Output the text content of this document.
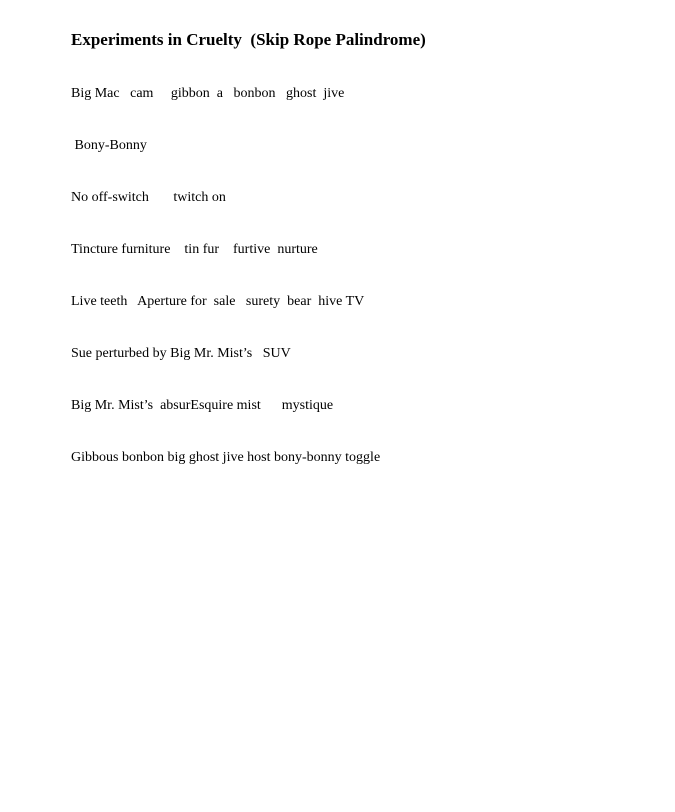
Experiments in Cruelty  (Skip Rope Palindrome)

Big Mac   cam     gibbon  a   bonbon   ghost  jive

Bony-Bonny

No off-switch       twitch on

Tincture furniture    tin fur    furtive  nurture

Live teeth   Aperture for  sale   surety  bear  hive TV

Sue perturbed by Big Mr. Mist’s   SUV

Big Mr. Mist’s  absurEsquire mist      mystique

Gibbous bonbon big ghost jive host bony-bonny toggle
